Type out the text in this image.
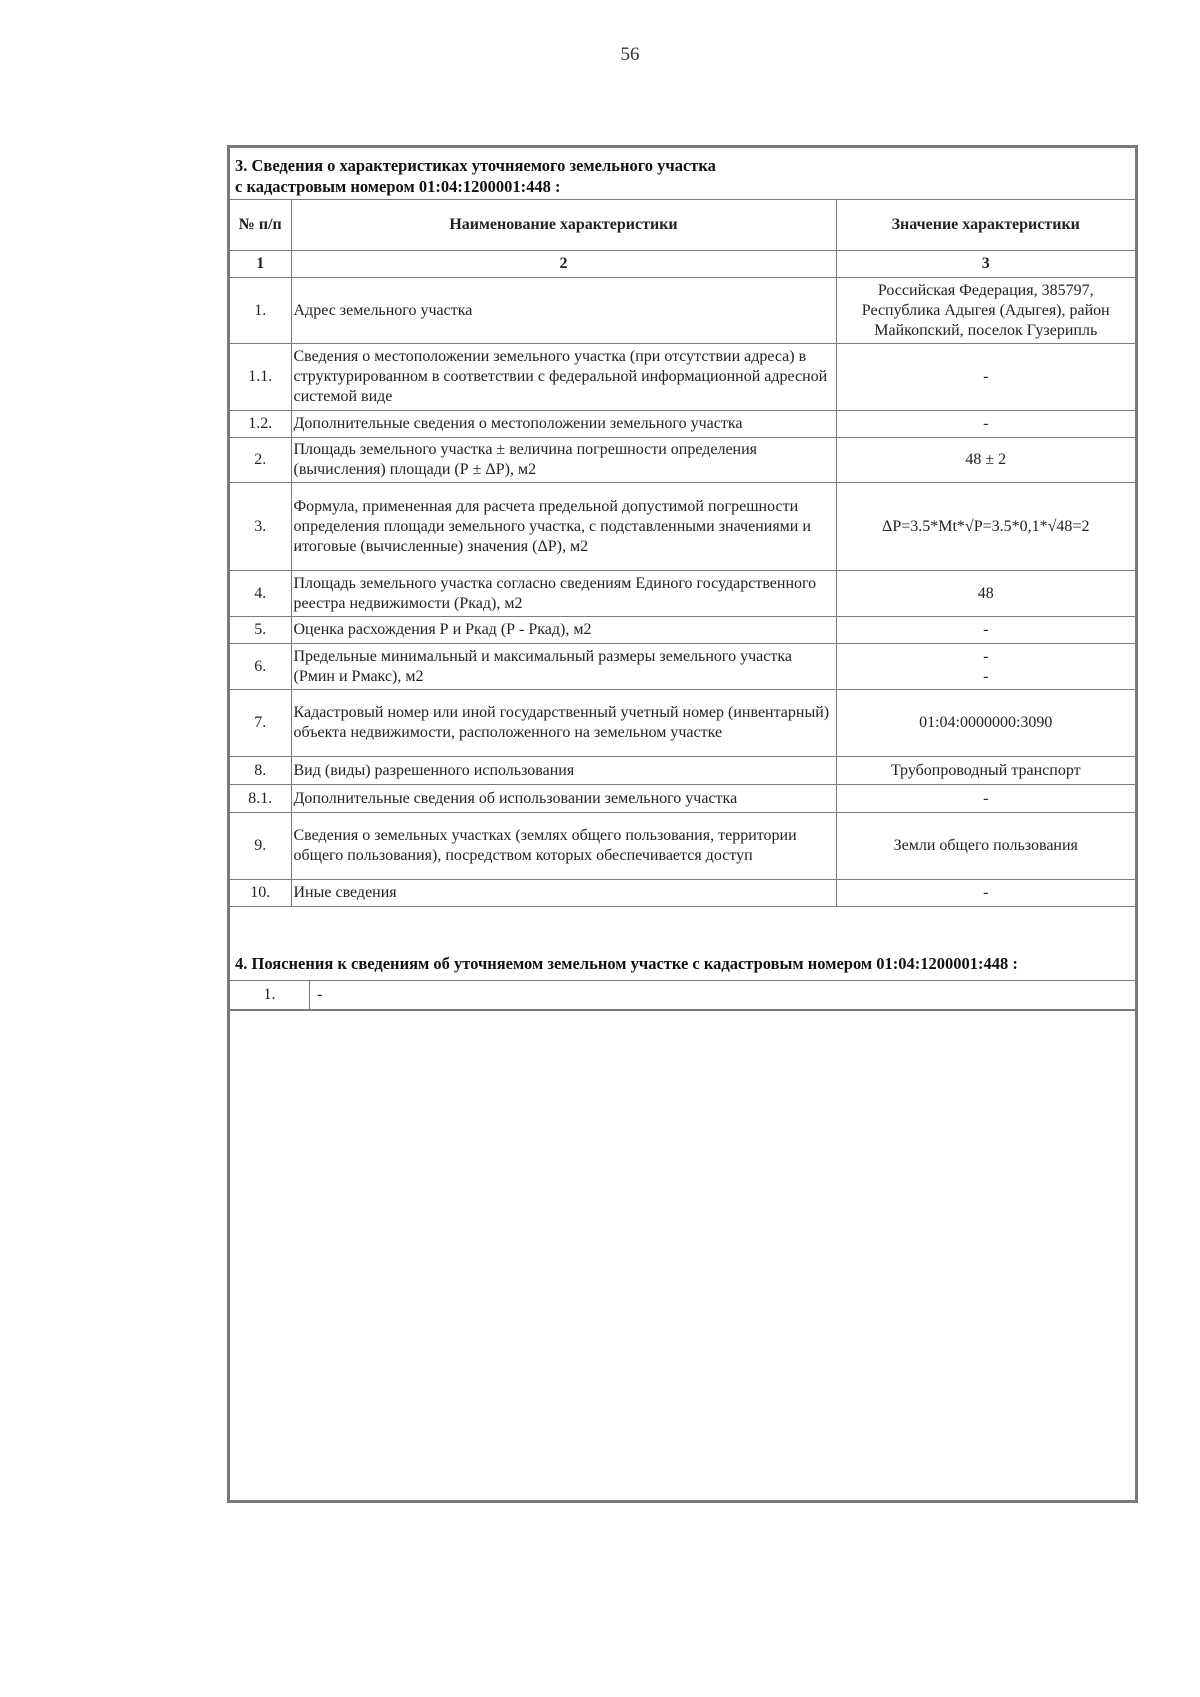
56
3. Сведения о характеристиках уточняемого земельного участка
с кадастровым номером 01:04:1200001:448 :
№ п/п	Наименование характеристики	Значение характеристики
1	2	3
1.	Адрес земельного участка	Российская Федерация, 385797, Республика Адыгея (Адыгея), район Майкопский, поселок Гузерипль
1.1.	Сведения о местоположении земельного участка (при отсутствии адреса) в структурированном в соответствии с федеральной информационной адресной системой виде	-
1.2.	Дополнительные сведения о местоположении земельного участка	-
2.	Площадь земельного участка ± величина погрешности определения (вычисления) площади (Р ± ΔР), м2	48 ± 2
3.	Формула, примененная для расчета предельной допустимой погрешности определения площади земельного участка, с подставленными значениями и итоговые (вычисленные) значения (ΔР), м2	ΔР=3.5*Mt*√Р=3.5*0,1*√48=2
4.	Площадь земельного участка согласно сведениям Единого государственного реестра недвижимости (Ркад), м2	48
5.	Оценка расхождения Р и Ркад (Р - Ркад), м2	-
6.	Предельные минимальный и максимальный размеры земельного участка (Рмин и Рмакс), м2	-
-

7.	Кадастровый номер или иной государственный учетный номер (инвентарный) объекта недвижимости, расположенного на земельном участке	01:04:0000000:3090
8.	Вид (виды) разрешенного использования	Трубопроводный транспорт
8.1.	Дополнительные сведения об использовании земельного участка	-
9.	Сведения о земельных участках (землях общего пользования, территории общего пользования), посредством которых обеспечивается доступ	Земли общего пользования
10.	Иные сведения	-
4. Пояснения к сведениям об уточняемом земельном участке с кадастровым номером 01:04:1200001:448 :
1.	-
